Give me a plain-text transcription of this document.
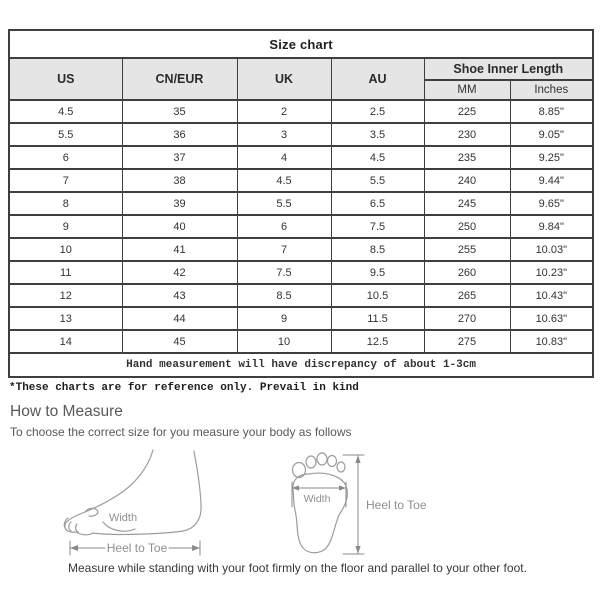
Size chart					
US	CN/EUR	UK	AU	Shoe Inner Length	
				MM	Inches
4.5	35	2	2.5	225	8.85"
5.5	36	3	3.5	230	9.05"
6	37	4	4.5	235	9.25"
7	38	4.5	5.5	240	9.44"
8	39	5.5	6.5	245	9.65"
9	40	6	7.5	250	9.84"
10	41	7	8.5	255	10.03"
11	42	7.5	9.5	260	10.23"
12	43	8.5	10.5	265	10.43"
13	44	9	11.5	270	10.63"
14	45	10	12.5	275	10.83"
Hand measurement will have discrepancy of about 1-3cm					
*These charts are for reference only. Prevail in kind
How to Measure
To choose the correct size for you measure your body as follows
Width
Heel to Toe
Width	Heel to Toe
Measure while standing with your foot firmly on the floor and parallel to your other foot.
